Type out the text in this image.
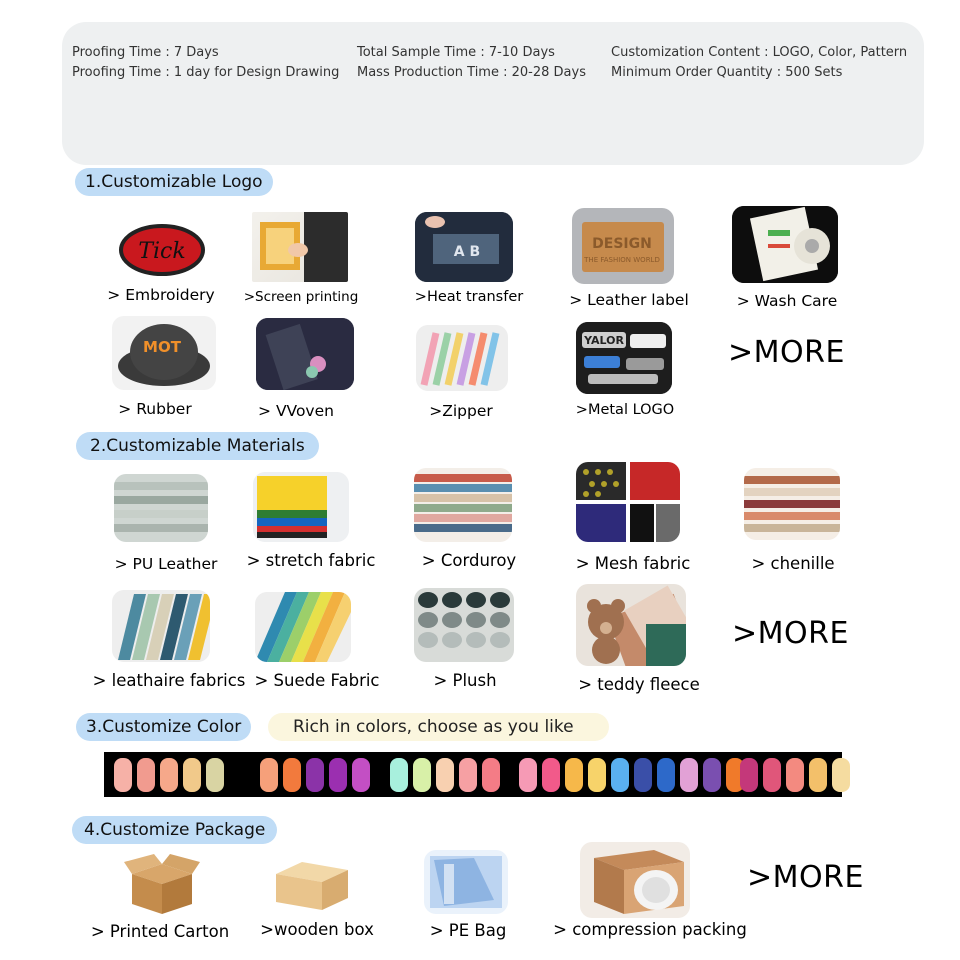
Proofing Time : 7 Days
Proofing Time : 1 day for Design Drawing
Total Sample Time : 7-10 Days
Mass Production Time : 20-28 Days
Customization Content : LOGO, Color, Pattern
Minimum Order Quantity : 500 Sets
1.Customizable Logo
Tick	A B	DESIGN
THE FASHION WORLD
> Embroidery >Screen printing	>Heat transfer	> Leather label	> Wash Care
MOT	YALOR	>MORE
> Rubber	> VVoven	>Zipper	>Metal LOGO
2.Customizable Materials
> PU Leather > stretch fabric	> Corduroy	> Mesh fabric	> chenille
>MORE
> leathaire fabrics > Suede Fabric	> Plush	> teddy fleece
3.Customize Color	Rich in colors, choose as you like
4.Customize Package
>MORE
> Printed Carton >wooden box	> PE Bag	> compression packing
